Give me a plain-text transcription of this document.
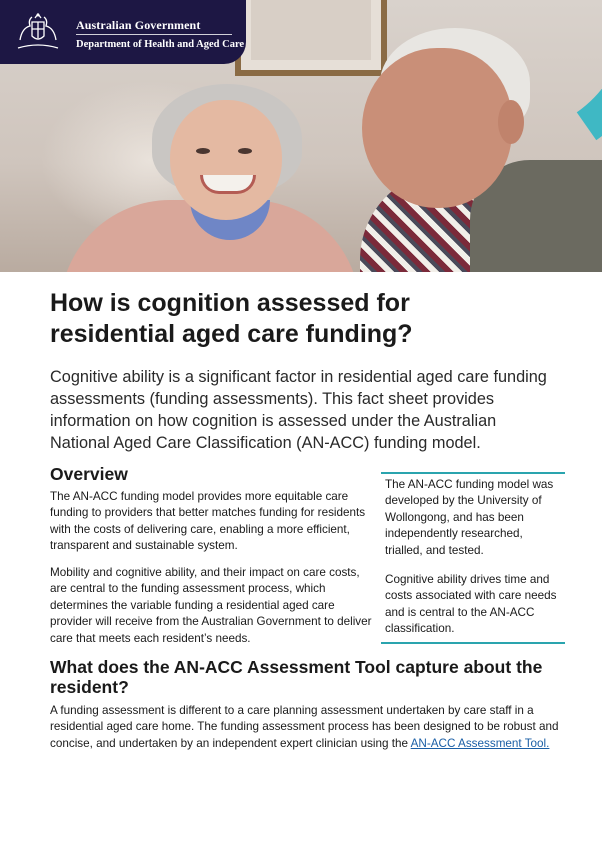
Australian Government
Department of Health and Aged Care
How is cognition assessed for
residential aged care funding?

Cognitive ability is a significant factor in residential aged care funding assessments (funding assessments). This fact sheet provides information on how cognition is assessed under the Australian National Aged Care Classification (AN-ACC) funding model.

Overview

The AN-ACC funding model provides more equitable care funding to providers that better matches funding for residents with the costs of delivering care, enabling a more efficient, transparent and sustainable system.

Mobility and cognitive ability, and their impact on care costs, are central to the funding assessment process, which determines the variable funding a residential aged care provider will receive from the Australian Government to deliver care that meets each resident’s needs.

The AN-ACC funding model was developed by the University of Wollongong, and has been independently researched, trialled, and tested.

Cognitive ability drives time and costs associated with care needs and is central to the AN-ACC classification.

What does the AN-ACC Assessment Tool capture about the resident?

A funding assessment is different to a care planning assessment undertaken by care staff in a residential aged care home. The funding assessment process has been designed to be robust and concise, and undertaken by an independent expert clinician using the AN-ACC Assessment Tool.
